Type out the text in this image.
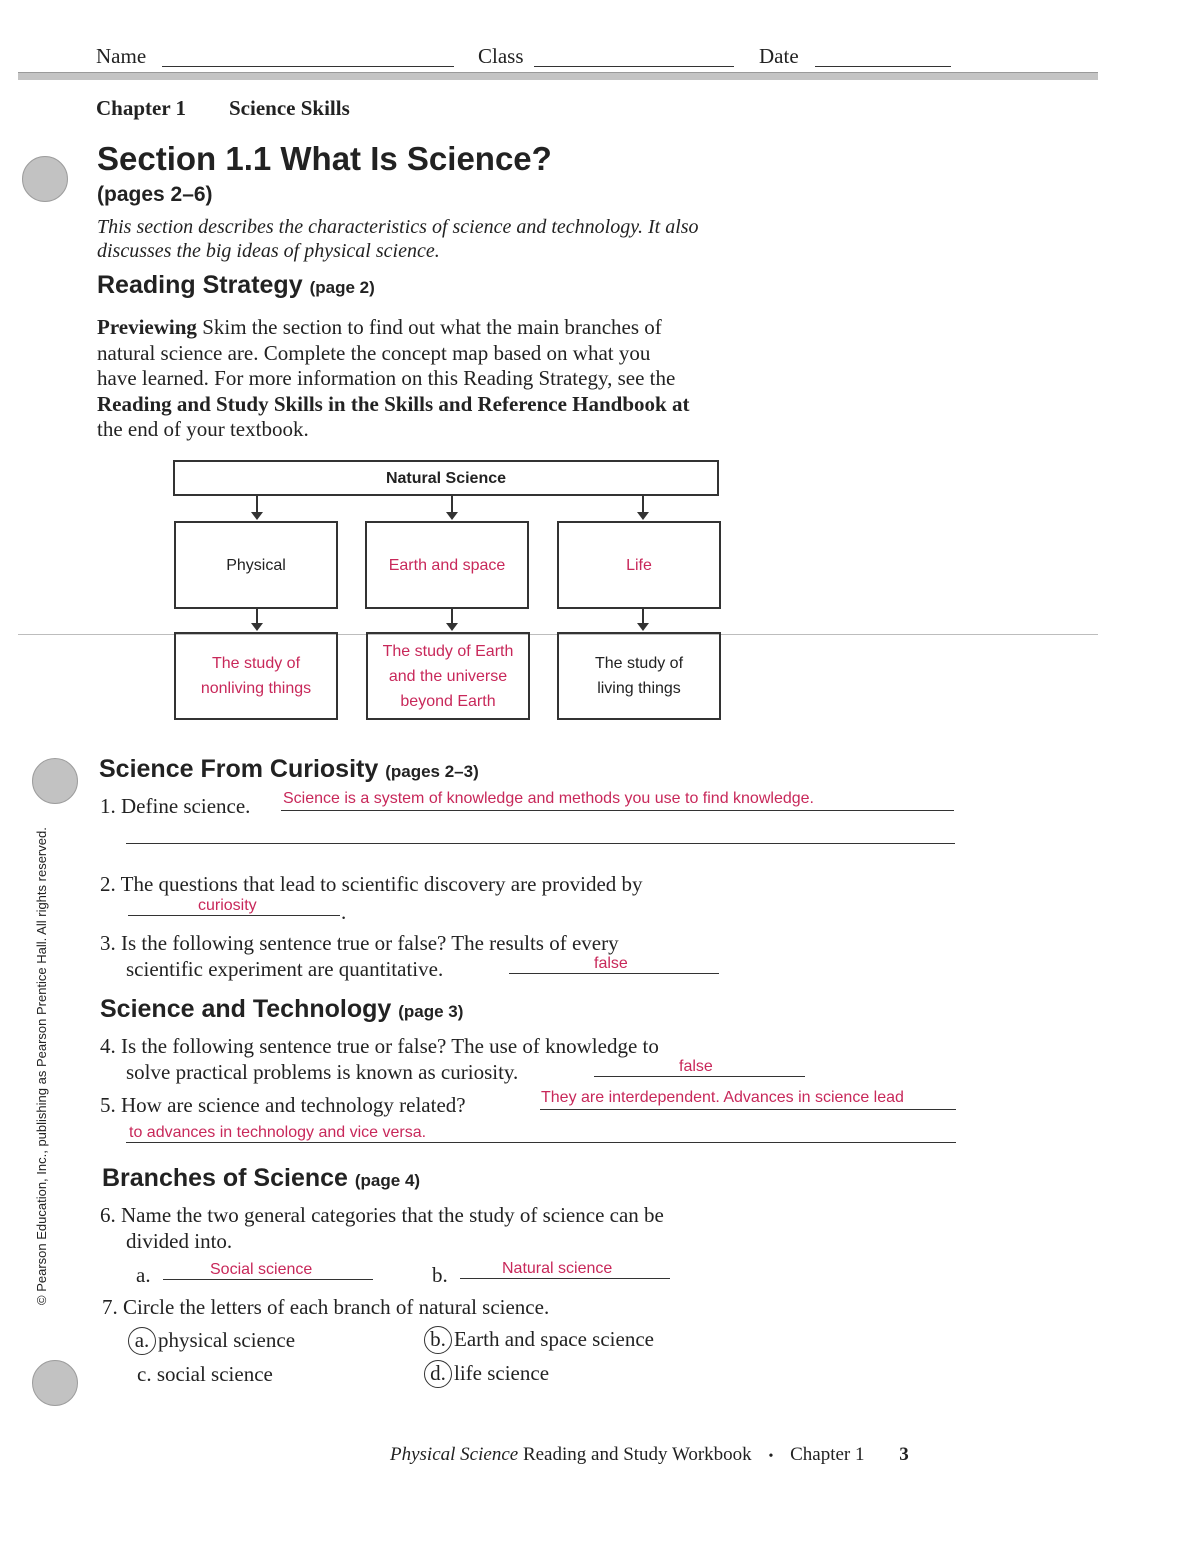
Name	Class	Date
Chapter 1 Science Skills
Section 1.1 What Is Science?
(pages 2–6)
This section describes the characteristics of science and technology. It also
discusses the big ideas of physical science.
Reading Strategy (page 2)
Previewing Skim the section to find out what the main branches of
natural science are. Complete the concept map based on what you
have learned. For more information on this Reading Strategy, see the
Reading and Study Skills in the Skills and Reference Handbook at
the end of your textbook.
Natural Science
Physical	Earth and space	Life
The study of
nonliving things
The study of Earth
and the universe
beyond Earth
The study of
living things
Science From Curiosity (pages 2–3)
1. Define science. Science is a system of knowledge and methods you use to find knowledge.
2. The questions that lead to scientific discovery are provided by
curiosity	.
3. Is the following sentence true or false? The results of every
scientific experiment are quantitative.	false
Science and Technology (page 3)
4. Is the following sentence true or false? The use of knowledge to
solve practical problems is known as curiosity.	false
5. How are science and technology related?	They are interdependent. Advances in science lead
to advances in technology and vice versa.
Branches of Science (page 4)
6. Name the two general categories that the study of science can be
divided into.
a.	Social science	b.	Natural science
7. Circle the letters of each branch of natural science.
a. physical science	b. Earth and space science
c. social science	d. life science
© Pearson Education, Inc., publishing as Pearson Prentice Hall. All rights reserved.
Physical Science Reading and Study Workbook • Chapter 1 3
